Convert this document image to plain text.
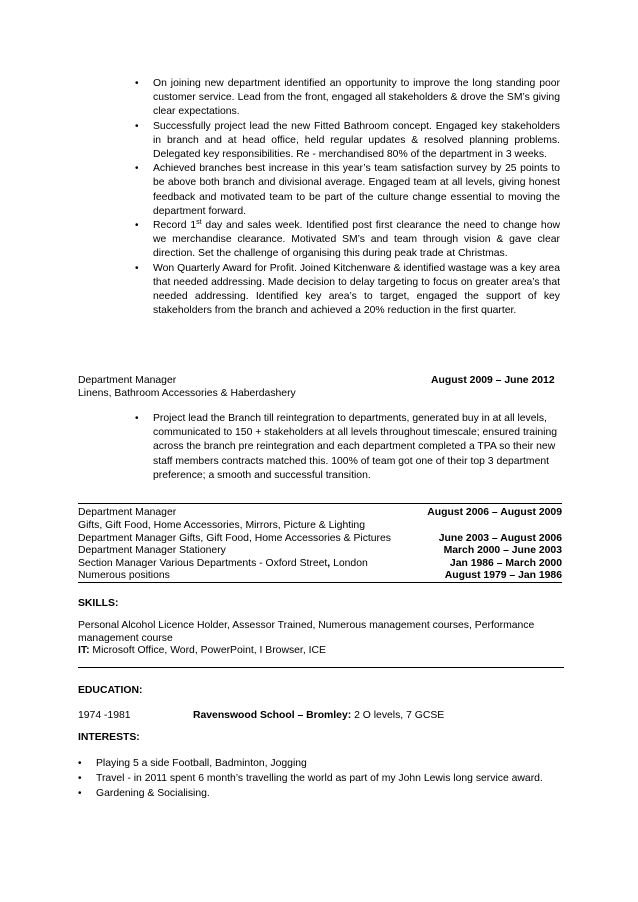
• On joining new department identified an opportunity to improve the long standing poor customer service. Lead from the front, engaged all stakeholders & drove the SM’s giving clear expectations.
• Successfully project lead the new Fitted Bathroom concept. Engaged key stakeholders in branch and at head office, held regular updates & resolved planning problems. Delegated key responsibilities. Re - merchandised 80% of the department in 3 weeks.
• Achieved branches best increase in this year’s team satisfaction survey by 25 points to be above both branch and divisional average. Engaged team at all levels, giving honest feedback and motivated team to be part of the culture change essential to moving the department forward.
• Record 1st day and sales week. Identified post first clearance the need to change how we merchandise clearance. Motivated SM’s and team through vision & gave clear direction. Set the challenge of organising this during peak trade at Christmas.
• Won Quarterly Award for Profit. Joined Kitchenware & identified wastage was a key area that needed addressing. Made decision to delay targeting to focus on greater area’s that needed addressing. Identified key area’s to target, engaged the support of key stakeholders from the branch and achieved a 20% reduction in the first quarter.
Department Manager	August 2009 – June 2012
Linens, Bathroom Accessories & Haberdashery
• Project lead the Branch till reintegration to departments, generated buy in at all levels, communicated to 150 + stakeholders at all levels throughout timescale; ensured training across the branch pre reintegration and each department completed a TPA so their new staff members contracts matched this. 100% of team got one of their top 3 department preference; a smooth and successful transition.
Department Manager	August 2006 – August 2009
Gifts, Gift Food, Home Accessories, Mirrors, Picture & Lighting
Department Manager Gifts, Gift Food, Home Accessories & Pictures	June 2003 – August 2006
Department Manager Stationery	March 2000 – June 2003
Section Manager Various Departments - Oxford Street, London	Jan 1986 – March 2000
Numerous positions	August 1979 – Jan 1986
SKILLS:
Personal Alcohol Licence Holder, Assessor Trained, Numerous management courses, Performance management course
IT: Microsoft Office, Word, PowerPoint, I Browser, ICE
EDUCATION:
1974 -1981	Ravenswood School – Bromley: 2 O levels, 7 GCSE
INTERESTS:
• Playing 5 a side Football, Badminton, Jogging
• Travel - in 2011 spent 6 month’s travelling the world as part of my John Lewis long service award.
• Gardening & Socialising.
